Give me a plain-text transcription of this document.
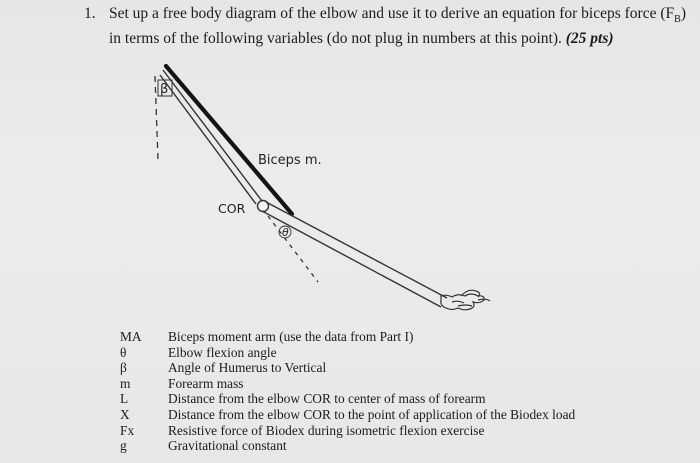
1. Set up a free body diagram of the elbow and use it to derive an equation for biceps force $(F_B)$ in terms of the following variables (do not plug in numbers at this point). (25 pts)
β
Biceps m.
COR
θ
MA	Biceps moment arm (use the data from Part I)
θ	Elbow flexion angle
β	Angle of Humerus to Vertical
m	Forearm mass
L	Distance from the elbow COR to center of mass of forearm
X	Distance from the elbow COR to the point of application of the Biodex load
Fx	Resistive force of Biodex during isometric flexion exercise
g	Gravitational constant
